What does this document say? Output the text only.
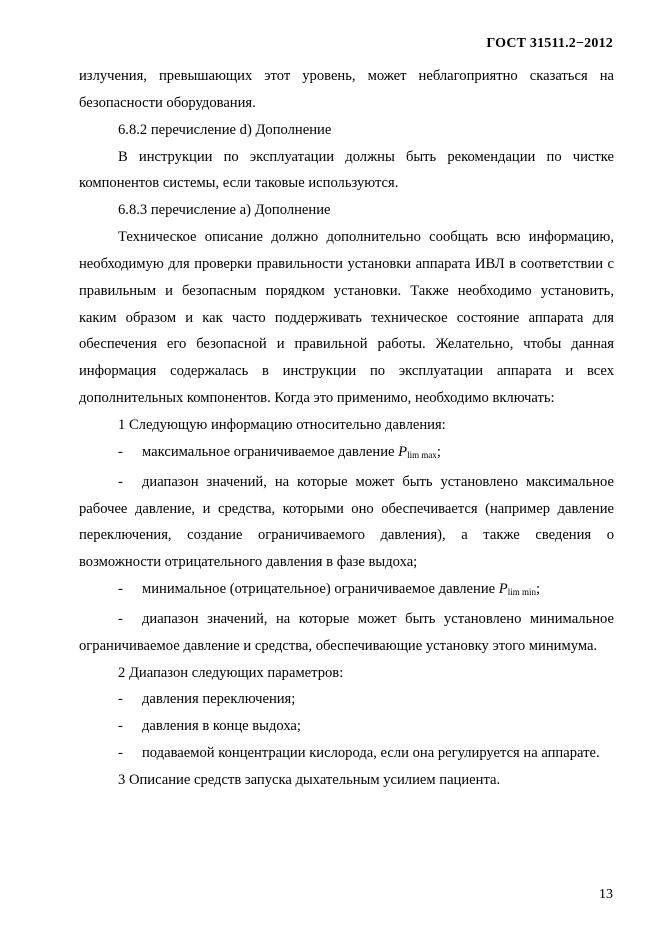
ГОСТ 31511.2−2012

излучения, превышающих этот уровень, может неблагоприятно сказаться на безопасности оборудования.

6.8.2 перечисление d) Дополнение

В инструкции по эксплуатации должны быть рекомендации по чистке компонентов системы, если таковые используются.

6.8.3 перечисление a) Дополнение

Техническое описание должно дополнительно сообщать всю информацию, необходимую для проверки правильности установки аппарата ИВЛ в соответствии с правильным и безопасным порядком установки. Также необходимо установить, каким образом и как часто поддерживать техническое состояние аппарата для обеспечения его безопасной и правильной работы. Желательно, чтобы данная информация содержалась в инструкции по эксплуатации аппарата и всех дополнительных компонентов. Когда это применимо, необходимо включать:

1 Следующую информацию относительно давления:

- максимальное ограничиваемое давление $P_{lim max}$;

- диапазон значений, на которые может быть установлено максимальное рабочее давление, и средства, которыми оно обеспечивается (например давление переключения, создание ограничиваемого давления), а также сведения о возможности отрицательного давления в фазе выдоха;

- минимальное (отрицательное) ограничиваемое давление $P_{lim min}$;

- диапазон значений, на которые может быть установлено минимальное ограничиваемое давление и средства, обеспечивающие установку этого минимума.

2 Диапазон следующих параметров:

- давления переключения;

- давления в конце выдоха;

- подаваемой концентрации кислорода, если она регулируется на аппарате.

3 Описание средств запуска дыхательным усилием пациента.

13
